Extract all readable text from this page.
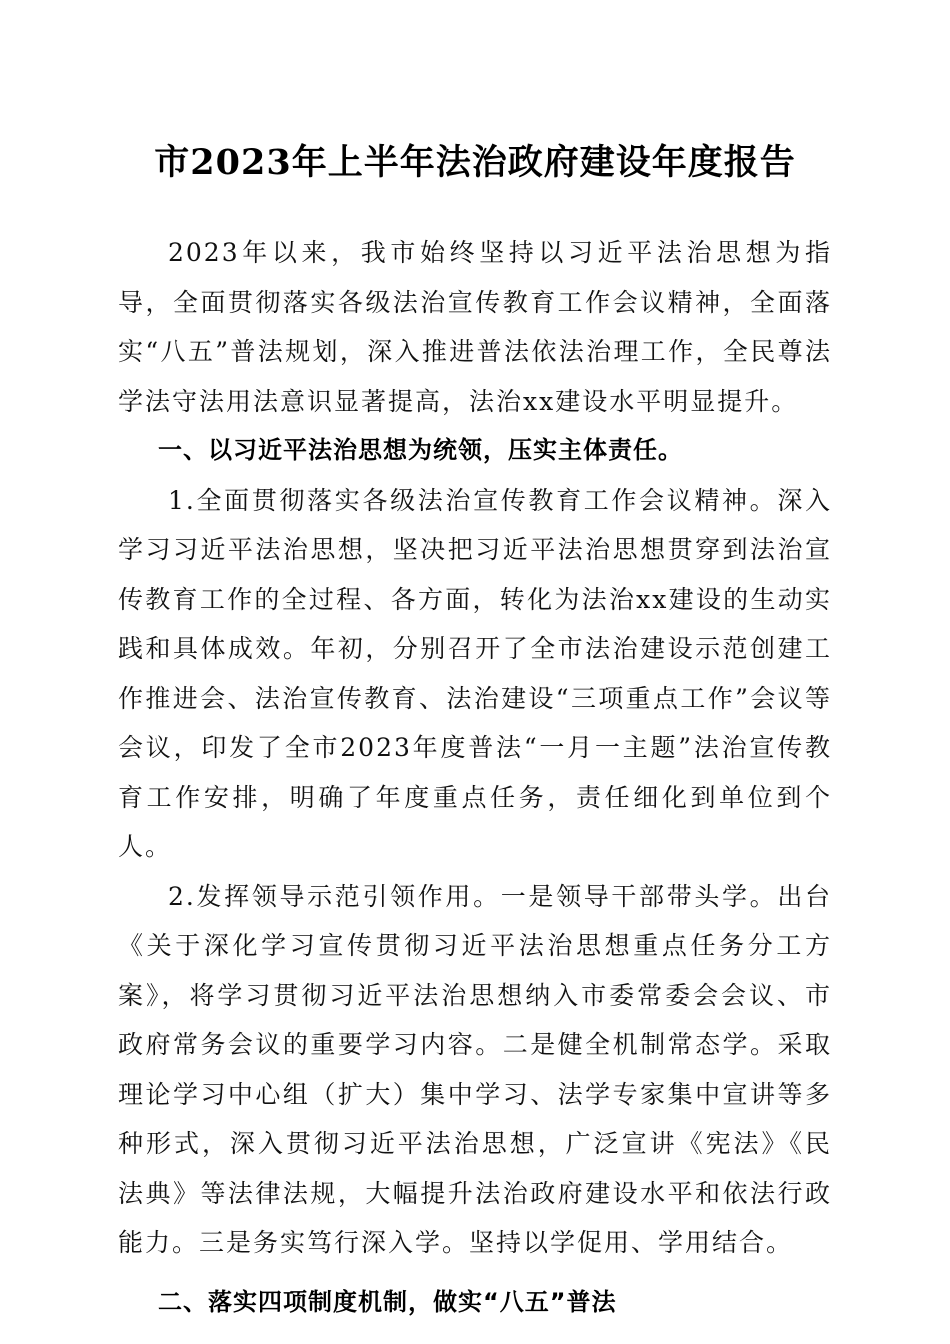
市2023年上半年法治政府建设年度报告

2023年以来，我市始终坚持以习近平法治思想为指导，全面贯彻落实各级法治宣传教育工作会议精神，全面落实“八五”普法规划，深入推进普法依法治理工作，全民尊法学法守法用法意识显著提高，法治xx建设水平明显提升。

一、以习近平法治思想为统领，压实主体责任。

1.全面贯彻落实各级法治宣传教育工作会议精神。深入学习习近平法治思想，坚决把习近平法治思想贯穿到法治宣传教育工作的全过程、各方面，转化为法治xx建设的生动实践和具体成效。年初，分别召开了全市法治建设示范创建工作推进会、法治宣传教育、法治建设“三项重点工作”会议等会议，印发了全市2023年度普法“一月一主题”法治宣传教育工作安排，明确了年度重点任务，责任细化到单位到个人。

2.发挥领导示范引领作用。一是领导干部带头学。出台《关于深化学习宣传贯彻习近平法治思想重点任务分工方案》，将学习贯彻习近平法治思想纳入市委常委会会议、市政府常务会议的重要学习内容。二是健全机制常态学。采取理论学习中心组（扩大）集中学习、法学专家集中宣讲等多种形式，深入贯彻习近平法治思想，广泛宣讲《宪法》《民法典》等法律法规，大幅提升法治政府建设水平和依法行政能力。三是务实笃行深入学。坚持以学促用、学用结合。

二、落实四项制度机制，做实“八五”普法
